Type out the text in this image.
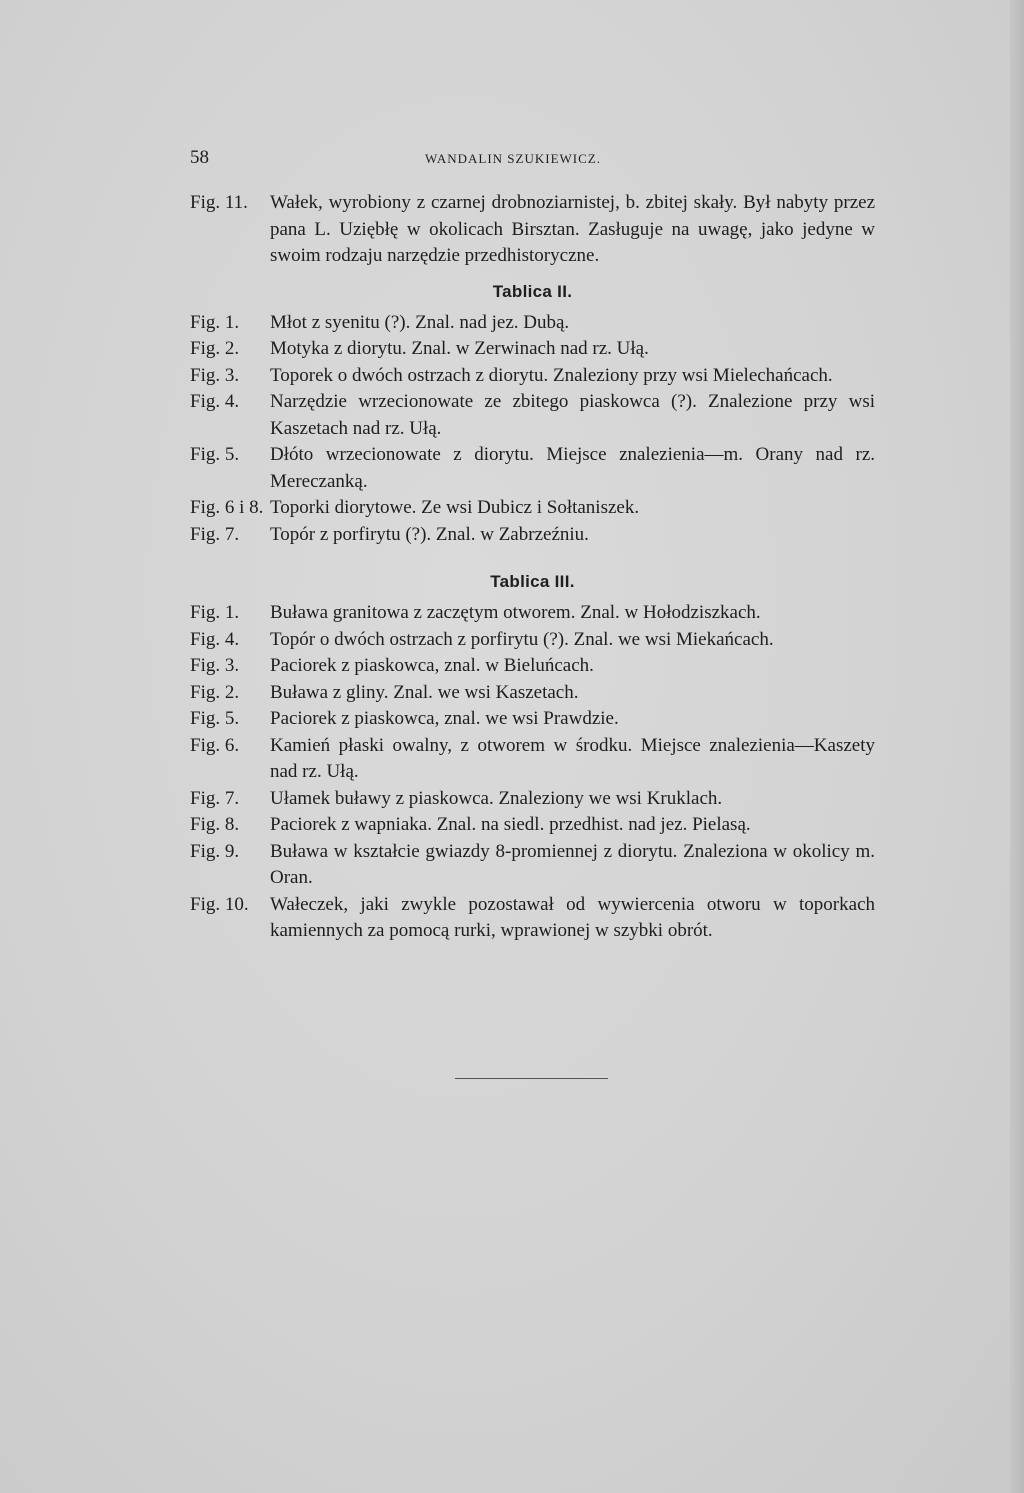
58	WANDALIN SZUKIEWICZ.
Fig. 11.	Wałek, wyrobiony z czarnej drobnoziarnistej, b. zbitej skały. Był nabyty przez pana L. Uziębłę w okolicach Birsztan. Zasługuje na uwagę, jako jedyne w swoim rodzaju narzędzie przedhistoryczne.
Tablica II.
Fig. 1.	Młot z syenitu (?). Znal. nad jez. Dubą.
Fig. 2.	Motyka z diorytu. Znal. w Zerwinach nad rz. Ułą.
Fig. 3.	Toporek o dwóch ostrzach z diorytu. Znaleziony przy wsi Mielechańcach.
Fig. 4.	Narzędzie wrzecionowate ze zbitego piaskowca (?). Znalezione przy wsi Kaszetach nad rz. Ułą.
Fig. 5.	Dłóto wrzecionowate z diorytu. Miejsce znalezienia—m. Orany nad rz. Mereczanką.
Fig. 6 i 8. Toporki diorytowe. Ze wsi Dubicz i Sołtaniszek.
Fig. 7.	Topór z porfirytu (?). Znal. w Zabrzeźniu.
Tablica III.
Fig. 1.	Buława granitowa z zaczętym otworem. Znal. w Hołodziszkach.
Fig. 4.	Topór o dwóch ostrzach z porfirytu (?). Znal. we wsi Miekańcach.
Fig. 3.	Paciorek z piaskowca, znal. w Bieluńcach.
Fig. 2.	Buława z gliny. Znal. we wsi Kaszetach.
Fig. 5.	Paciorek z piaskowca, znal. we wsi Prawdzie.
Fig. 6.	Kamień płaski owalny, z otworem w środku. Miejsce znalezienia—Kaszety nad rz. Ułą.
Fig. 7.	Ułamek buławy z piaskowca. Znaleziony we wsi Kruklach.
Fig. 8.	Paciorek z wapniaka. Znal. na siedl. przedhist. nad jez. Pielasą.
Fig. 9.	Buława w kształcie gwiazdy 8-promiennej z diorytu. Znaleziona w okolicy m. Oran.
Fig. 10.	Wałeczek, jaki zwykle pozostawał od wywiercenia otworu w toporkach kamiennych za pomocą rurki, wprawionej w szybki obrót.
